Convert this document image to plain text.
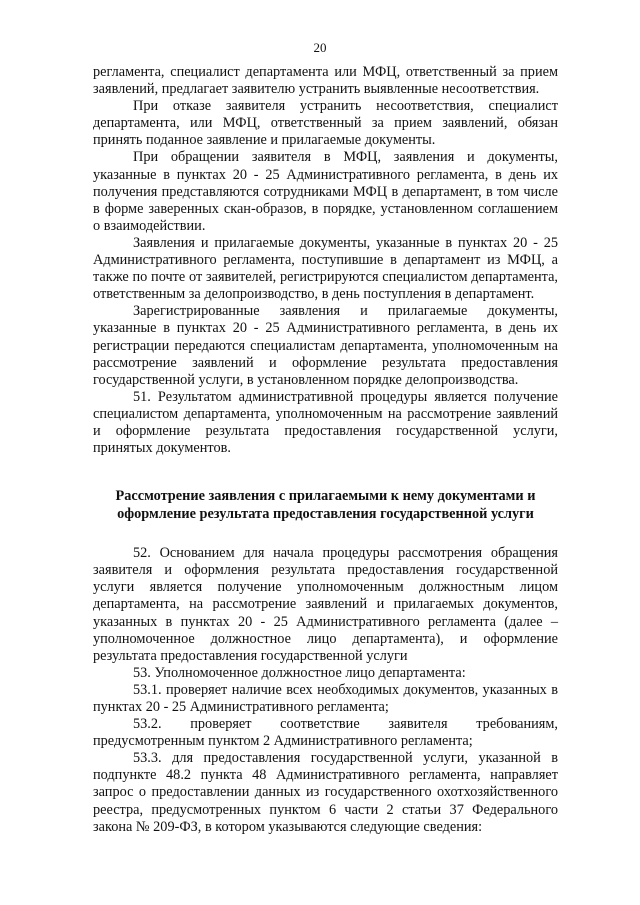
20

регламента, специалист департамента или МФЦ, ответственный за прием заявлений, предлагает заявителю устранить выявленные несоответствия.

При отказе заявителя устранить несоответствия, специалист департамента, или МФЦ, ответственный за прием заявлений, обязан принять поданное заявление и прилагаемые документы.

При обращении заявителя в МФЦ, заявления и документы, указанные в пунктах 20 - 25 Административного регламента, в день их получения представляются сотрудниками МФЦ в департамент, в том числе в форме заверенных скан-образов, в порядке, установленном соглашением о взаимодействии.

Заявления и прилагаемые документы, указанные в пунктах 20 - 25 Административного регламента, поступившие в департамент из МФЦ, а также по почте от заявителей, регистрируются специалистом департамента, ответственным за делопроизводство, в день поступления в департамент.

Зарегистрированные заявления и прилагаемые документы, указанные в пунктах 20 - 25 Административного регламента, в день их регистрации передаются специалистам департамента, уполномоченным на рассмотрение заявлений и оформление результата предоставления государственной услуги, в установленном порядке делопроизводства.

51. Результатом административной процедуры является получение специалистом департамента, уполномоченным на рассмотрение заявлений и оформление результата предоставления государственной услуги, принятых документов.

Рассмотрение заявления с прилагаемыми к нему документами и оформление результата предоставления государственной услуги

52. Основанием для начала процедуры рассмотрения обращения заявителя и оформления результата предоставления государственной услуги является получение уполномоченным должностным лицом департамента, на рассмотрение заявлений и прилагаемых документов, указанных в пунктах 20 - 25 Административного регламента (далее – уполномоченное должностное лицо департамента), и оформление результата предоставления государственной услуги

53. Уполномоченное должностное лицо департамента:

53.1. проверяет наличие всех необходимых документов, указанных в пунктах 20 - 25 Административного регламента;

53.2. проверяет соответствие заявителя требованиям, предусмотренным пунктом 2 Административного регламента;

53.3. для предоставления государственной услуги, указанной в подпункте 48.2 пункта 48 Административного регламента, направляет запрос о предоставлении данных из государственного охотхозяйственного реестра, предусмотренных пунктом 6 части 2 статьи 37 Федерального закона № 209-ФЗ, в котором указываются следующие сведения:
